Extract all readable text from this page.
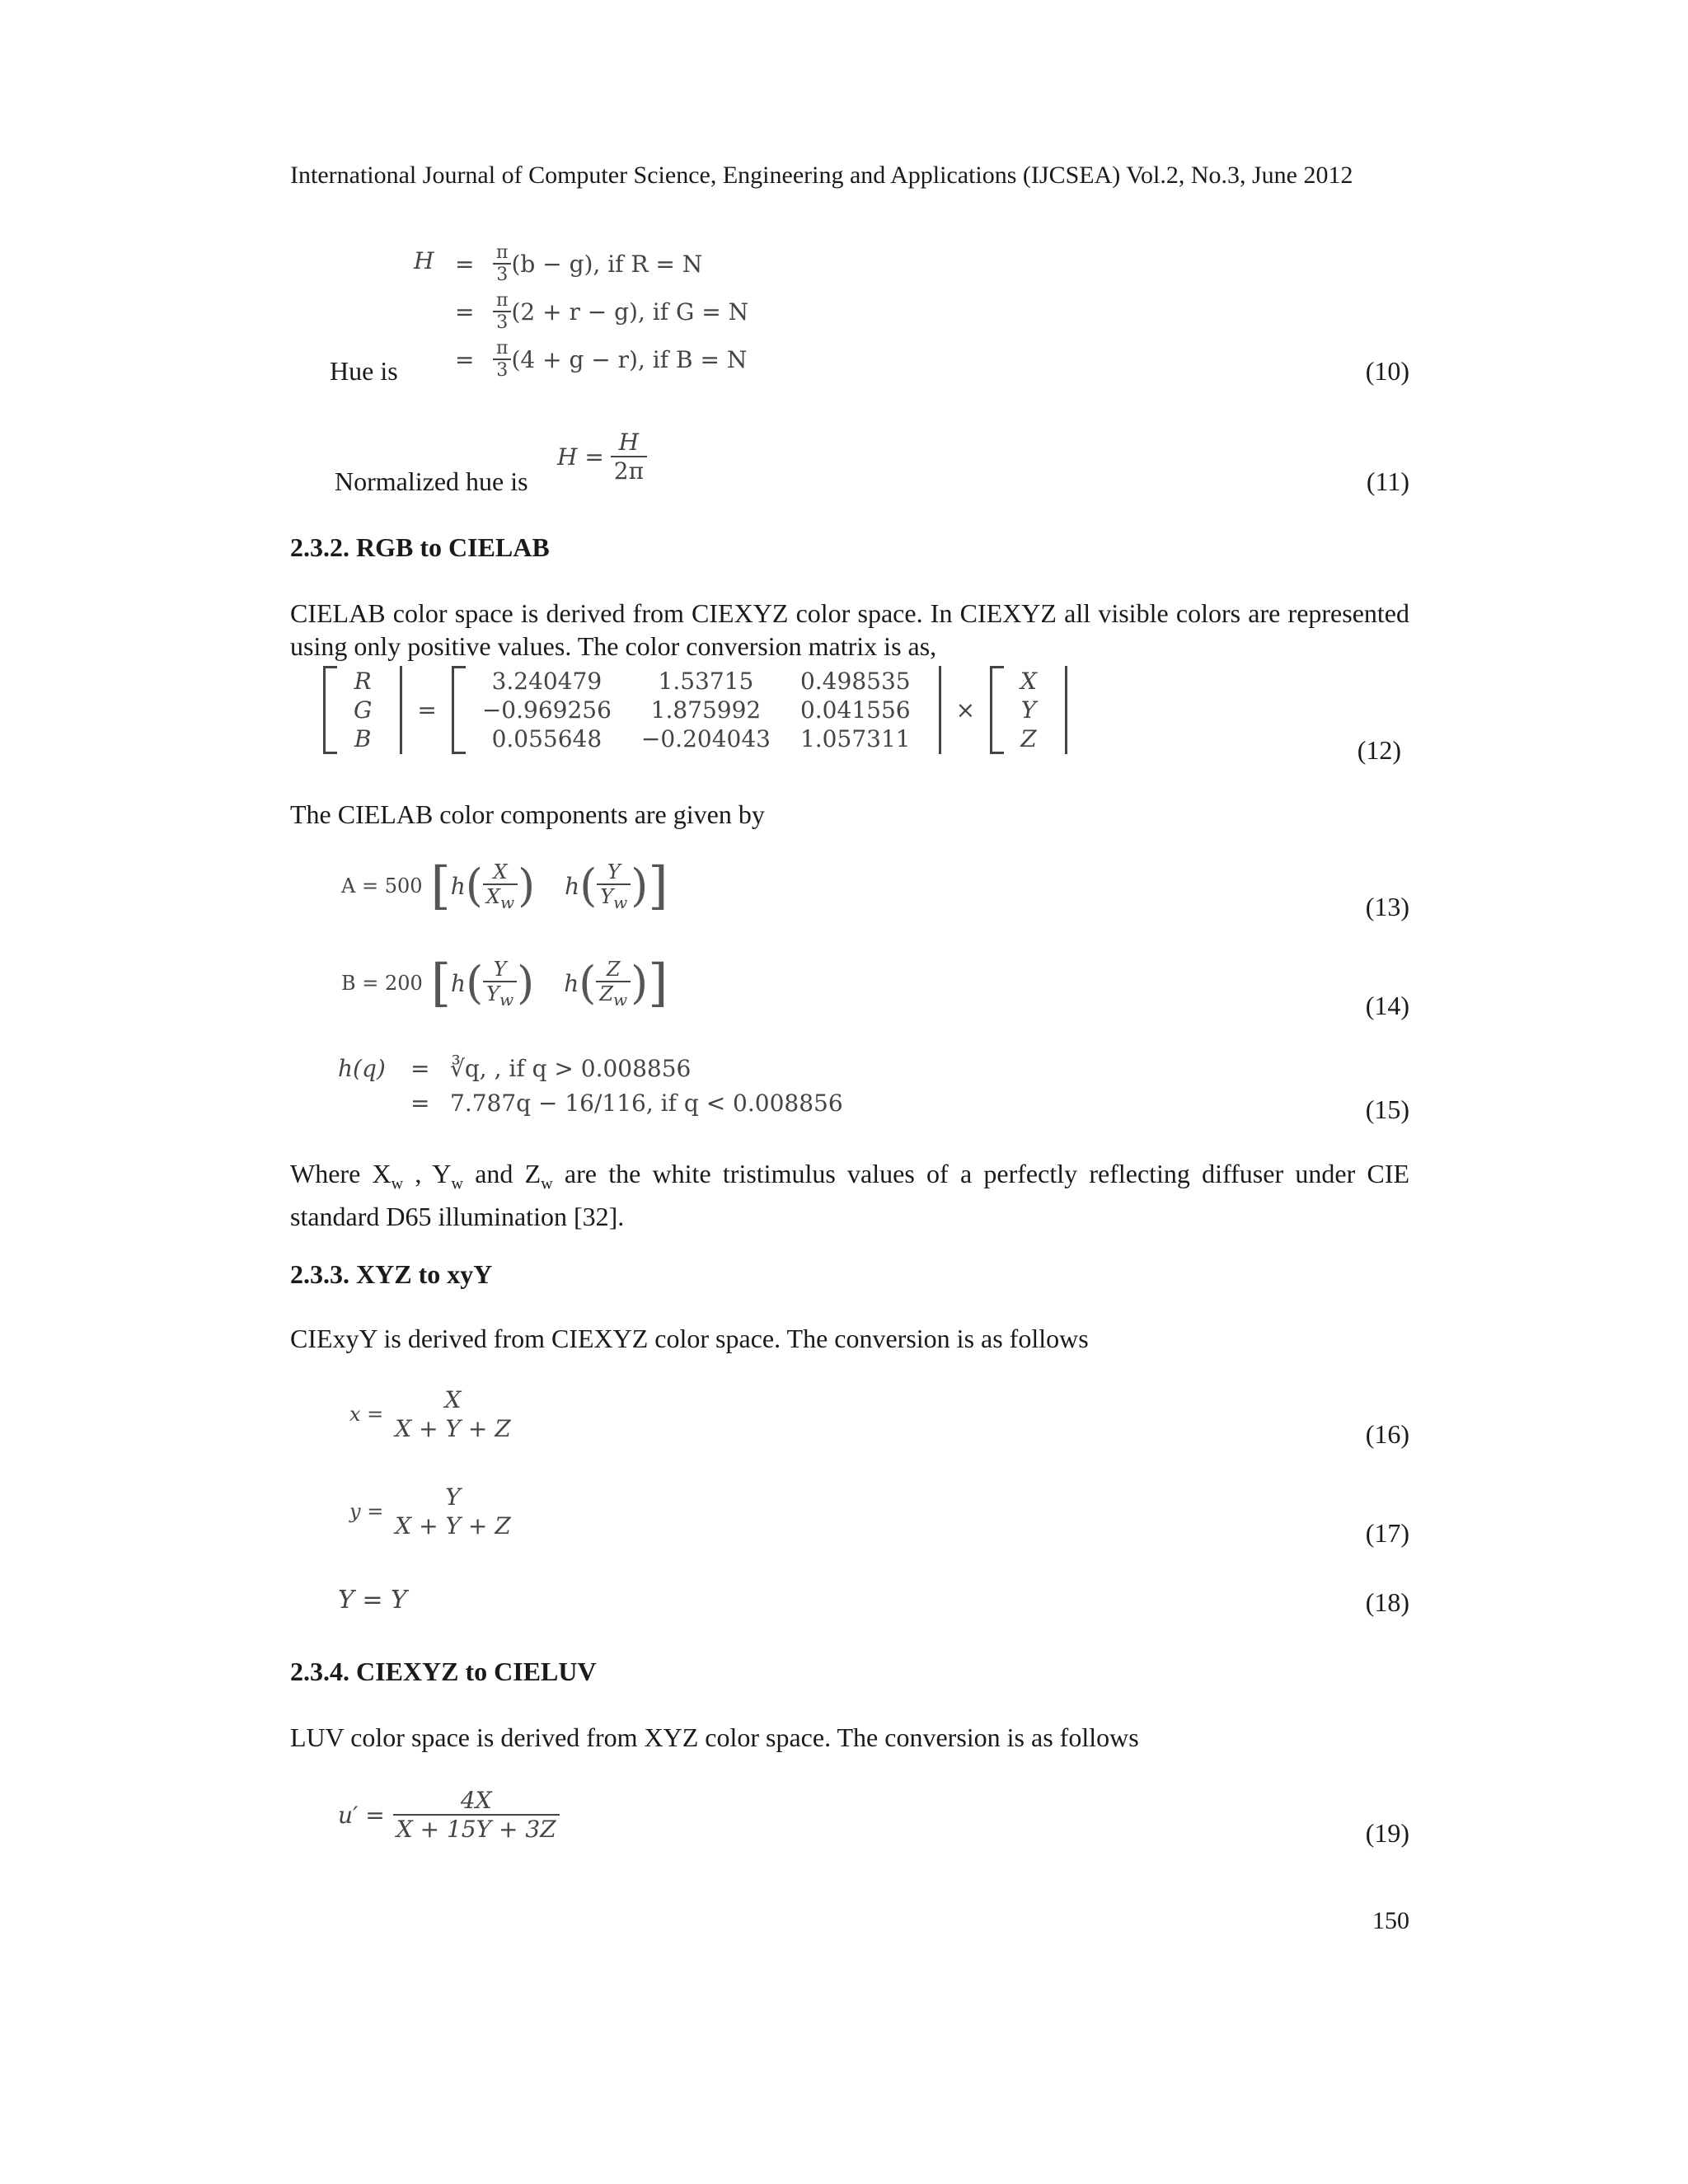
International Journal of Computer Science, Engineering and Applications (IJCSEA) Vol.2, No.3, June 2012
H =	$\frac{\pi}{3} (b - g)$, if R = N
=	$\frac{\pi}{3} (2 + r - g)$, if G = N
=	$\frac{\pi}{3} (4 + g - r)$, if B = N
Hue is	(10)
Normalized hue is
$H = \frac{H}{2\pi}$	(11)
2.3.2. RGB to CIELAB
CIELAB color space is derived from CIEXYZ color space. In CIEXYZ all visible colors are represented using only positive values. The color conversion matrix is as,
R
G
B
=
3.240479	1.53715	0.498535
−0.969256	1.875992	0.041556
0.055648	−0.204043	1.057311
×
X
Y
Z	(12)
The CIELAB color components are given by
A = 500 [ h ( $\frac{X}{X_w}$ ) h ( $\frac{Y}{Y_w}$ ) ]	(13)
B = 200 [ h ( $\frac{Y}{Y_w}$ ) h ( $\frac{Z}{Z_w}$ ) ]	(14)
h(q) = ∛q, , if q > 0.008856
= 7.787q − 16/116, if q < 0.008856	(15)
Where $X_w$ , $Y_w$ and $Z_w$ are the white tristimulus values of a perfectly reflecting diffuser under CIE standard D65 illumination [32].
2.3.3. XYZ to xyY
CIExyY is derived from CIEXYZ color space. The conversion is as follows
x =
X
X + Y + Z	(16)
y =
Y
X + Y + Z	(17)
Y = Y	(18)
2.3.4. CIEXYZ to CIELUV
LUV color space is derived from XYZ color space. The conversion is as follows
$u' = \frac{4X}{X + 15Y + 3Z}$	(19)
150
